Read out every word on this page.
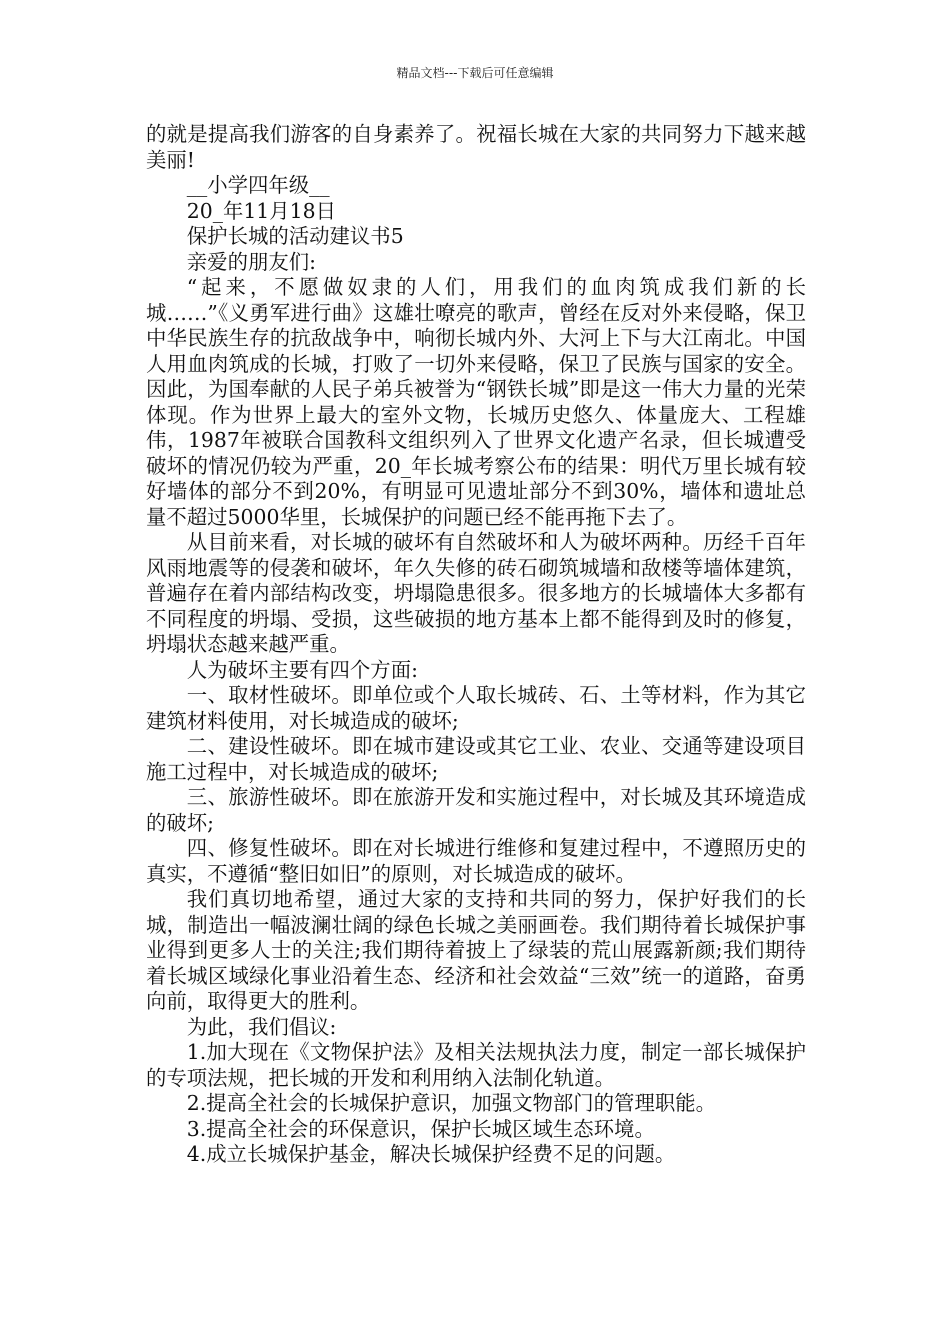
精品文档---下载后可任意编辑

的就是提高我们游客的自身素养了。祝福长城在大家的共同努力下越来越美丽!

__小学四年级__

20_年11月18日

保护长城的活动建议书5

亲爱的朋友们:

“起来，不愿做奴隶的人们，用我们的血肉筑成我们新的长城……”《义勇军进行曲》这雄壮嘹亮的歌声，曾经在反对外来侵略，保卫中华民族生存的抗敌战争中，响彻长城内外、大河上下与大江南北。中国人用血肉筑成的长城，打败了一切外来侵略，保卫了民族与国家的安全。因此，为国奉献的人民子弟兵被誉为“钢铁长城”即是这一伟大力量的光荣体现。作为世界上最大的室外文物，长城历史悠久、体量庞大、工程雄伟，1987年被联合国教科文组织列入了世界文化遗产名录，但长城遭受破坏的情况仍较为严重，20_年长城考察公布的结果：明代万里长城有较好墙体的部分不到20%，有明显可见遗址部分不到30%，墙体和遗址总量不超过5000华里，长城保护的问题已经不能再拖下去了。

从目前来看，对长城的破坏有自然破坏和人为破坏两种。历经千百年风雨地震等的侵袭和破坏，年久失修的砖石砌筑城墙和敌楼等墙体建筑，普遍存在着内部结构改变，坍塌隐患很多。很多地方的长城墙体大多都有不同程度的坍塌、受损，这些破损的地方基本上都不能得到及时的修复，坍塌状态越来越严重。

人为破坏主要有四个方面:

一、取材性破坏。即单位或个人取长城砖、石、土等材料，作为其它建筑材料使用，对长城造成的破坏;

二、建设性破坏。即在城市建设或其它工业、农业、交通等建设项目施工过程中，对长城造成的破坏;

三、旅游性破坏。即在旅游开发和实施过程中，对长城及其环境造成的破坏;

四、修复性破坏。即在对长城进行维修和复建过程中，不遵照历史的真实，不遵循“整旧如旧”的原则，对长城造成的破坏。

我们真切地希望，通过大家的支持和共同的努力，保护好我们的长城，制造出一幅波澜壮阔的绿色长城之美丽画卷。我们期待着长城保护事业得到更多人士的关注;我们期待着披上了绿装的荒山展露新颜;我们期待着长城区域绿化事业沿着生态、经济和社会效益“三效”统一的道路，奋勇向前，取得更大的胜利。

为此，我们倡议:

1.加大现在《文物保护法》及相关法规执法力度，制定一部长城保护的专项法规，把长城的开发和利用纳入法制化轨道。

2.提高全社会的长城保护意识，加强文物部门的管理职能。

3.提高全社会的环保意识，保护长城区域生态环境。

4.成立长城保护基金，解决长城保护经费不足的问题。
